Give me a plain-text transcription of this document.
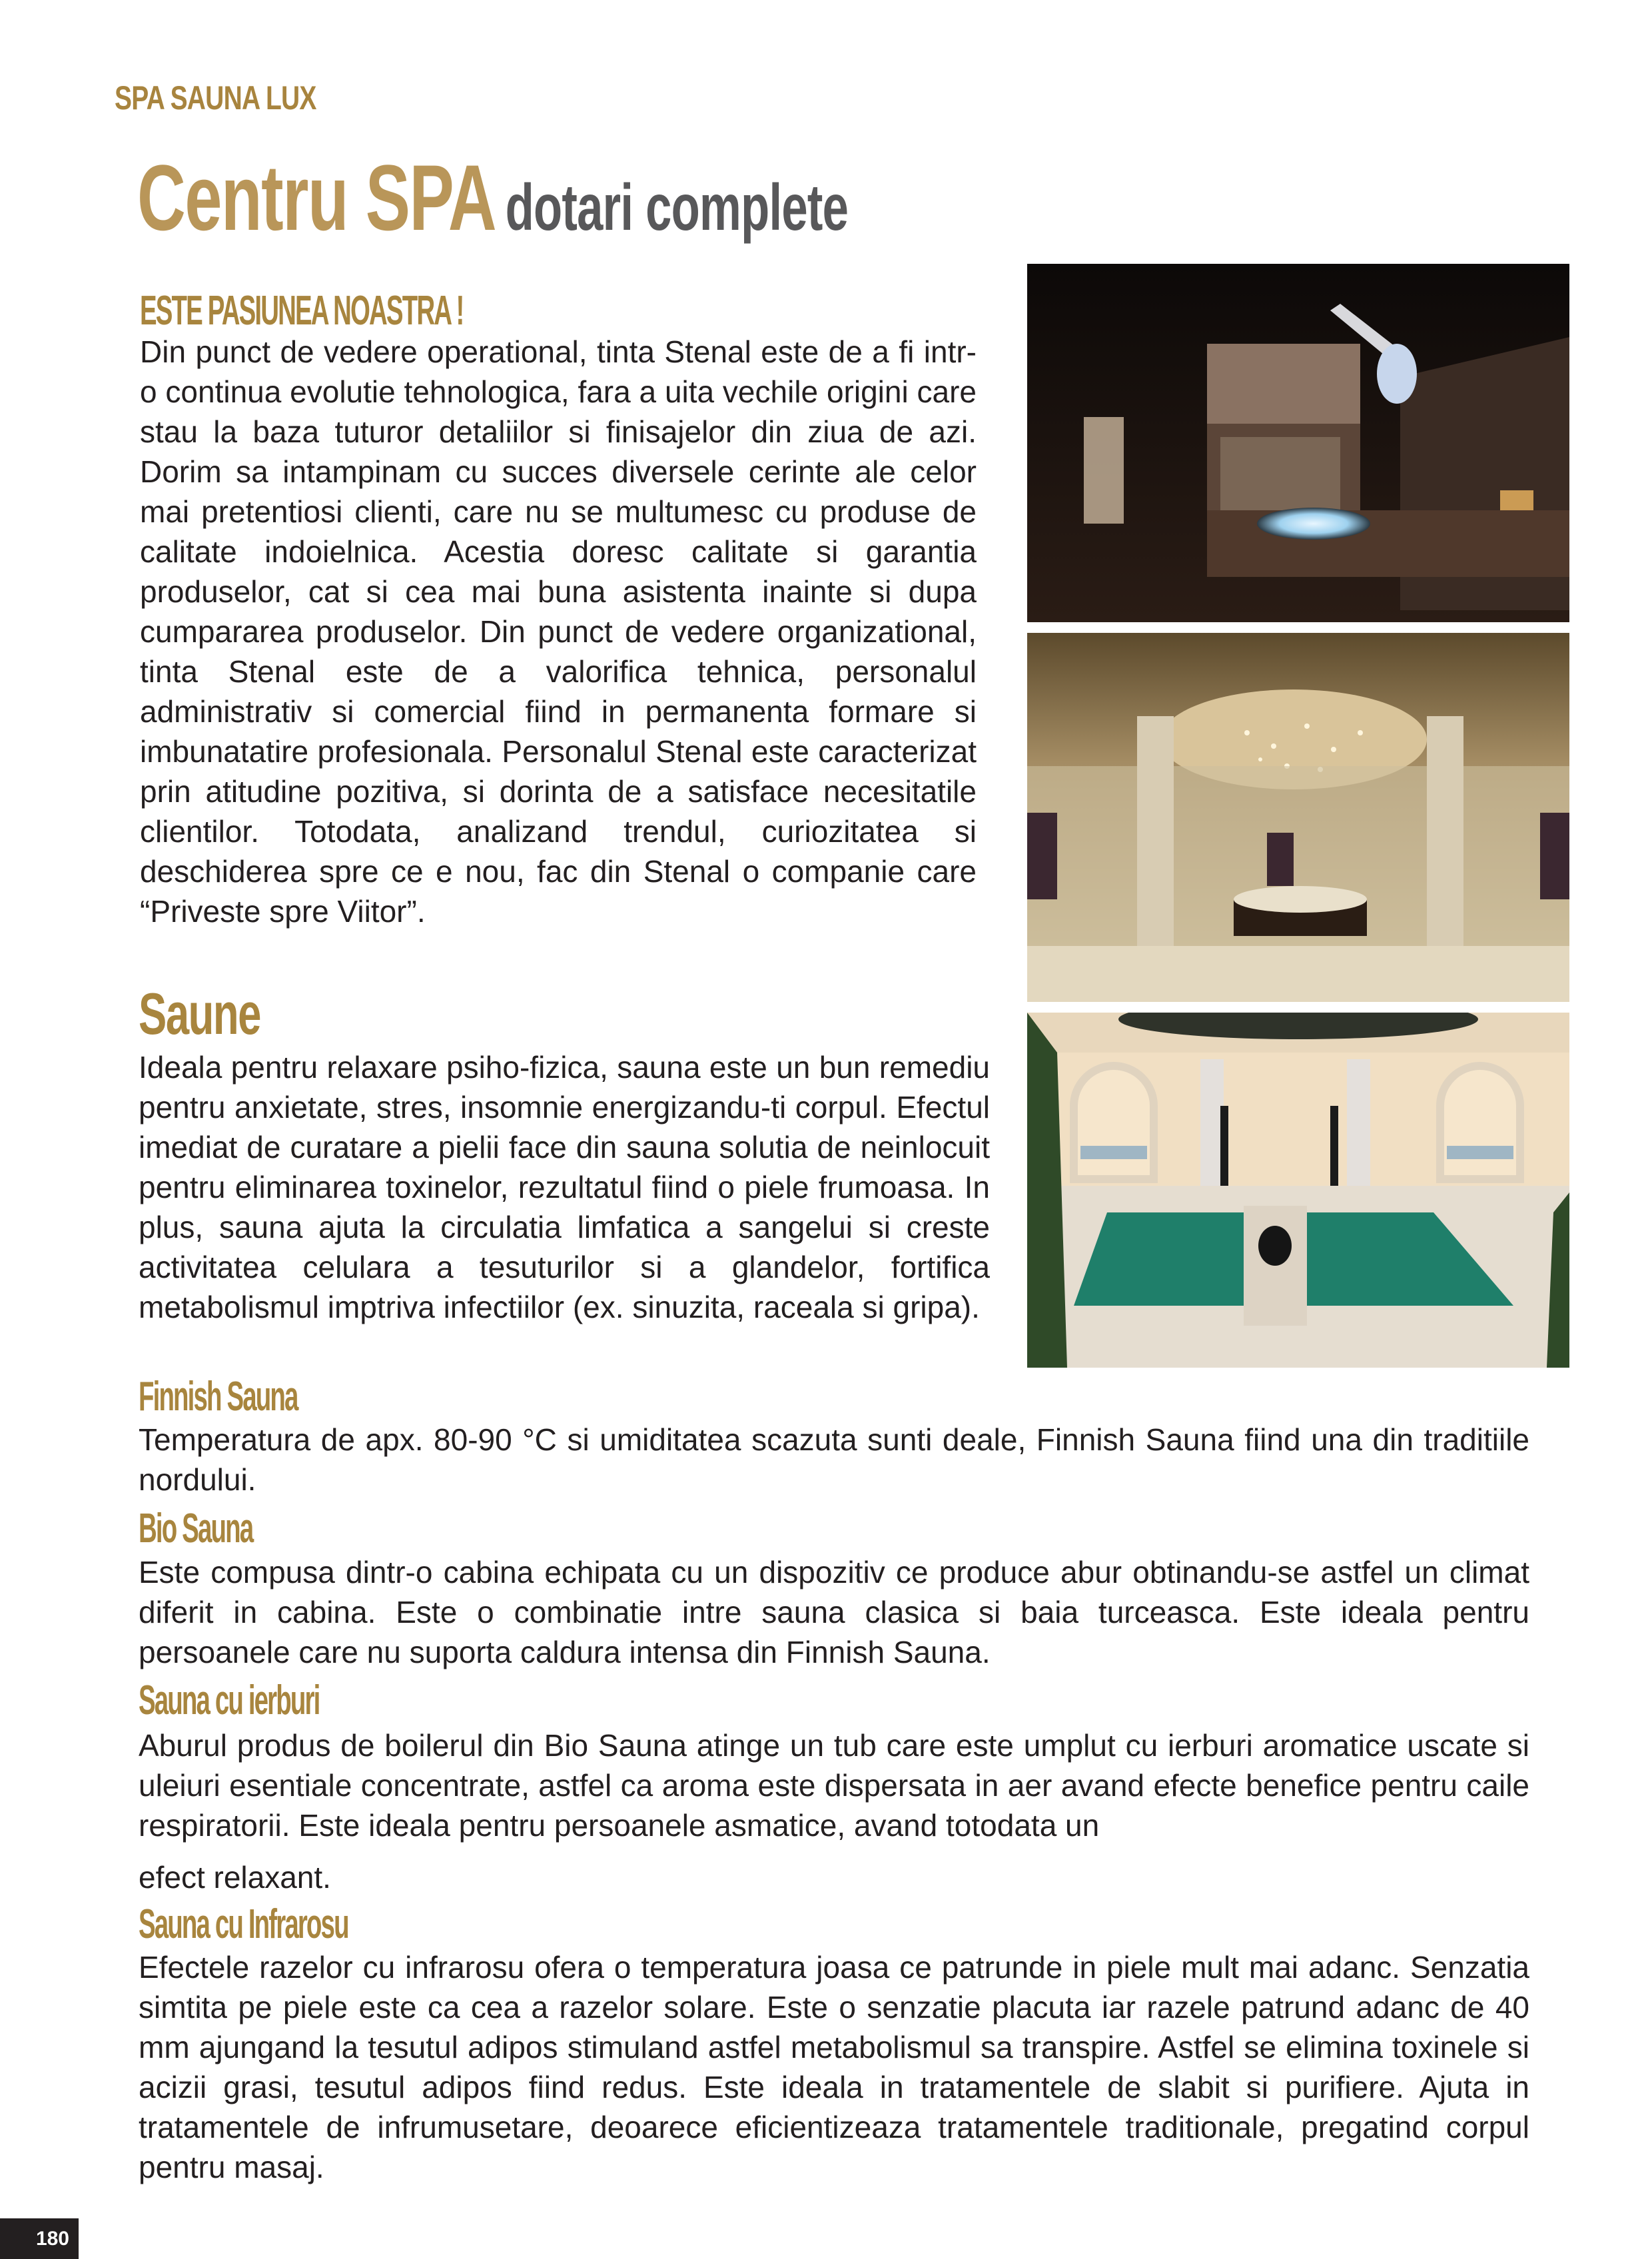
SPA SAUNA LUX
Centru SPA dotari complete
ESTE PASIUNEA NOASTRA !
Din punct de vedere operational, tinta Stenal este de a fi intr-o continua evolutie tehnologica, fara a uita vechile origini care stau la baza tuturor detaliilor si finisajelor din ziua de azi. Dorim sa intampinam cu succes diversele cerinte ale celor mai pretentiosi clienti, care nu se multumesc cu produse de calitate indoielnica. Acestia doresc calitate si garantia produselor, cat si cea mai buna asistenta inainte si dupa cumpararea produselor. Din punct de vedere organizational, tinta Stenal este de a valorifica tehnica, personalul administrativ si comercial fiind in permanenta formare si imbunatatire profesionala. Personalul Stenal este caracterizat prin atitudine pozitiva, si dorinta de a satisface necesitatile clientilor. Totodata, analizand trendul, curiozitatea si deschiderea spre ce e nou, fac din Stenal o companie care “Priveste spre Viitor”.
Saune
Ideala pentru relaxare psiho-fizica, sauna este un bun remediu pentru anxietate, stres, insomnie energizandu-ti corpul. Efectul imediat de curatare a pielii face din sauna solutia de neinlocuit pentru eliminarea toxinelor, rezultatul fiind o piele frumoasa. In plus, sauna ajuta la circulatia limfatica a sangelui si creste activitatea celulara a tesuturilor si a glandelor, fortifica metabolismul imptriva infectiilor (ex. sinuzita, raceala si gripa).
Finnish Sauna
Temperatura de apx. 80-90 °C si umiditatea scazuta sunti deale, Finnish Sauna fiind una din traditiile nordului.
Bio Sauna
Este compusa dintr-o cabina echipata cu un dispozitiv ce produce abur obtinandu-se astfel un climat diferit in cabina. Este o combinatie intre sauna clasica si baia turceasca. Este ideala pentru persoanele care nu suporta caldura intensa din Finnish Sauna.
Sauna cu ierburi
Aburul produs de boilerul din Bio Sauna atinge un tub care este umplut cu ierburi aromatice uscate si uleiuri esentiale concentrate, astfel ca aroma este dispersata in aer avand efecte benefice pentru caile respiratorii. Este ideala pentru persoanele asmatice, avand totodata un
efect relaxant.
Sauna cu Infrarosu
Efectele razelor cu infrarosu ofera o temperatura joasa ce patrunde in piele mult mai adanc. Senzatia simtita pe piele este ca cea a razelor solare. Este o senzatie placuta iar razele patrund adanc de 40 mm ajungand la tesutul adipos stimuland astfel metabolismul sa transpire. Astfel se elimina toxinele si acizii grasi, tesutul adipos fiind redus. Este ideala in tratamentele de slabit si purifiere. Ajuta in tratamentele de infrumusetare, deoarece eficientizeaza tratamentele traditionale, pregatind corpul pentru masaj.
180
